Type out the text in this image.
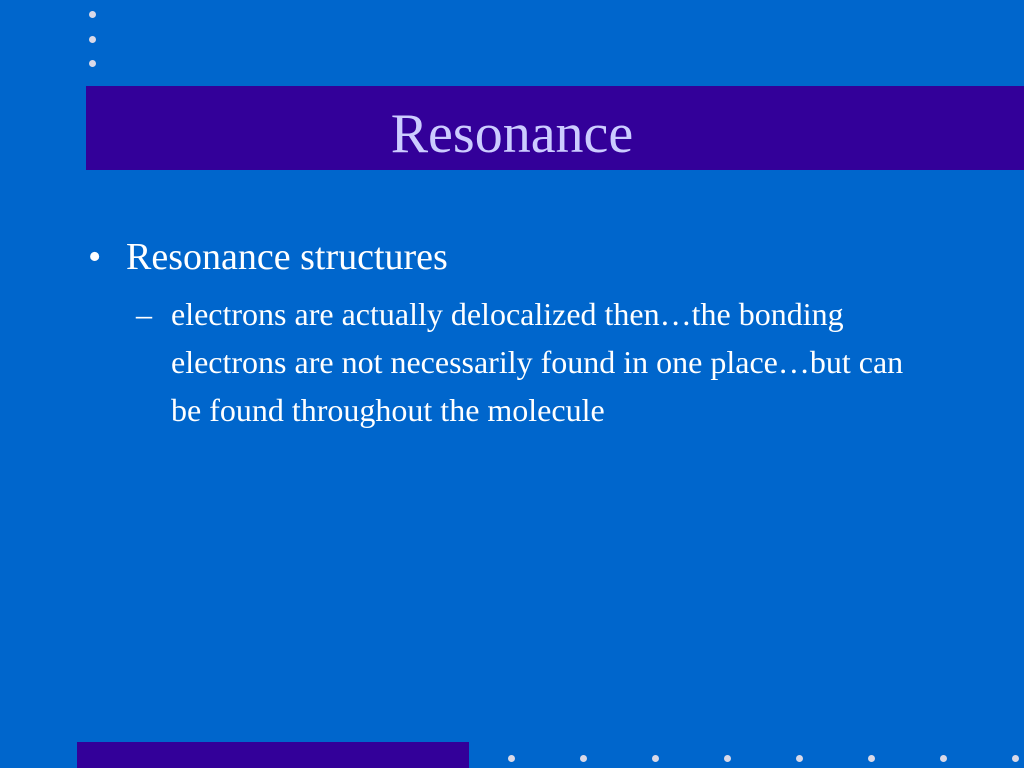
Resonance
• Resonance structures
– electrons are actually delocalized then…the bonding electrons are not necessarily found in one place…but can be found throughout the molecule
